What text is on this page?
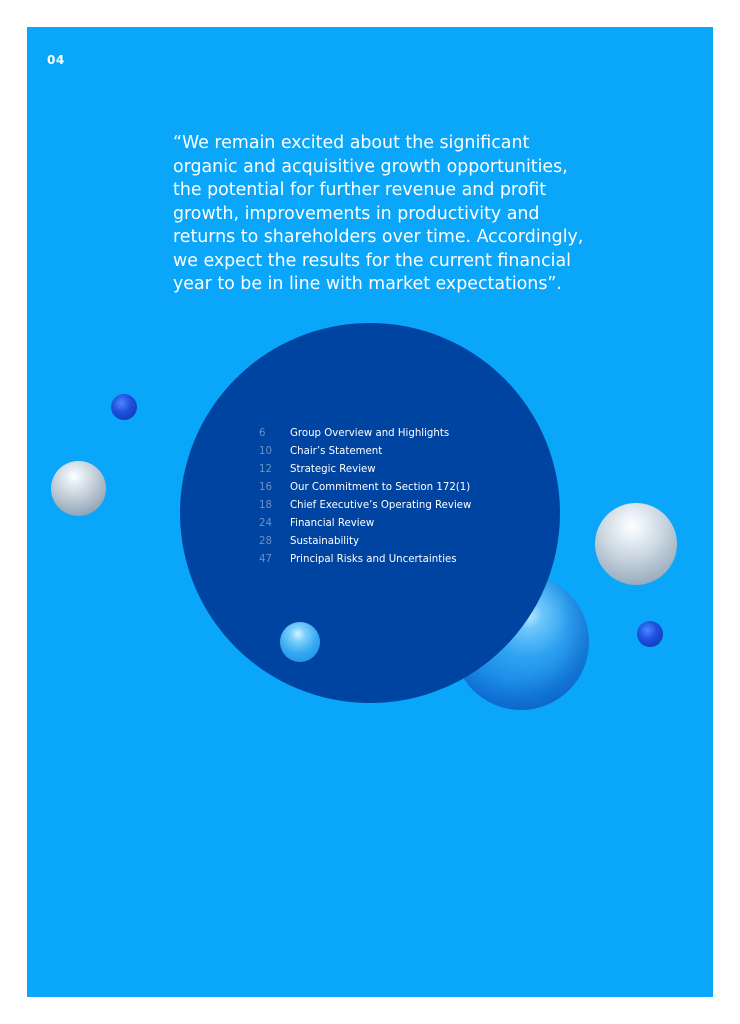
04
“We remain excited about the significant
organic and acquisitive growth opportunities,
the potential for further revenue and profit
growth, improvements in productivity and
returns to shareholders over time. Accordingly,
we expect the results for the current financial
year to be in line with market expectations”.
6	Group Overview and Highlights
10	Chair’s Statement
12	Strategic Review
16	Our Commitment to Section 172(1)
18	Chief Executive’s Operating Review
24	Financial Review
28	Sustainability
47	Principal Risks and Uncertainties
